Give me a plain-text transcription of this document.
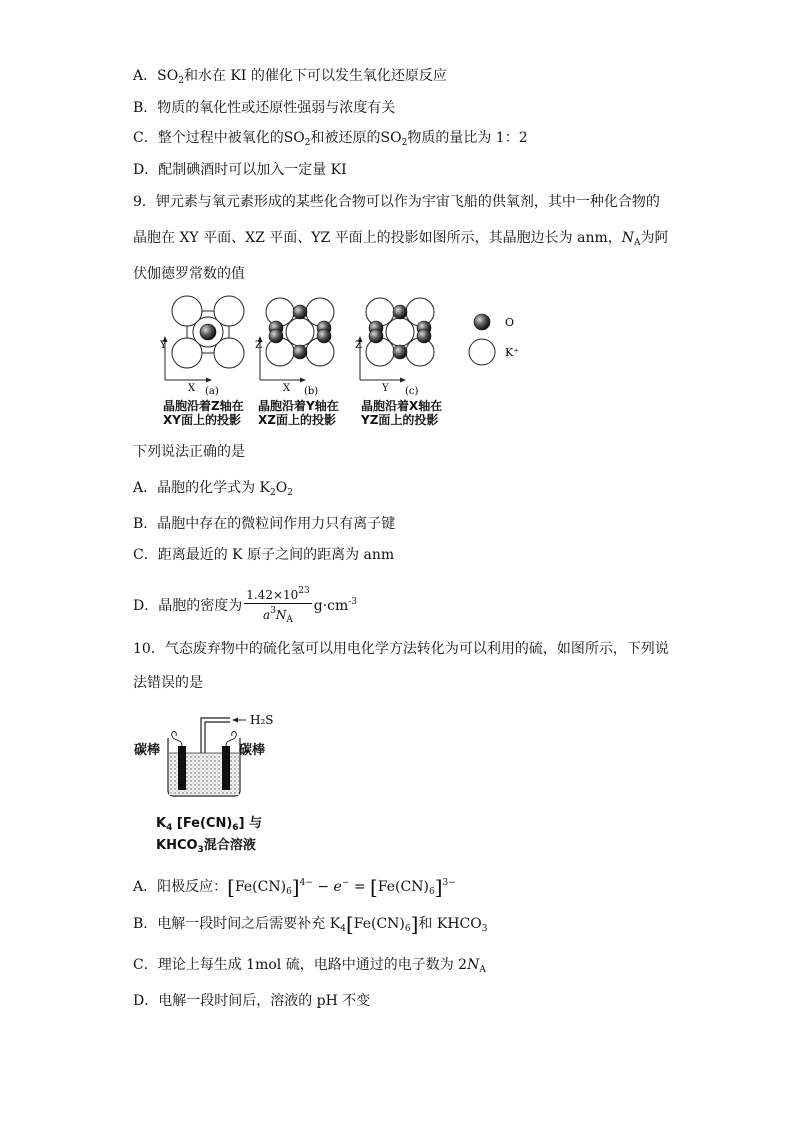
A．$SO_2$和水在 KI 的催化下可以发生氧化还原反应
B．物质的氧化性或还原性强弱与浓度有关
C．整个过程中被氧化的$SO_2$和被还原的$SO_2$物质的量比为 1：2
D．配制碘酒时可以加入一定量 KI
9．钾元素与氧元素形成的某些化合物可以作为宇宙飞船的供氧剂，其中一种化合物的
晶胞在 XY 平面、XZ 平面、YZ 平面上的投影如图所示，其晶胞边长为 anm，$N_A$为阿
伏伽德罗常数的值
Y
X (a)
Z
X (b)
Z
Y (c)
O
K⁺
晶胞沿着Z轴在
XY面上的投影
晶胞沿着Y轴在
XZ面上的投影
晶胞沿着X轴在
YZ面上的投影
下列说法正确的是
A．晶胞的化学式为 $K_2O_2$
B．晶胞中存在的微粒间作用力只有离子键
C．距离最近的 K 原子之间的距离为 anm
D．晶胞的密度为 $\frac{1.42\times 10^{23}}{a^3N_A} g\cdot cm^{-3}$
10．气态废弃物中的硫化氢可以用电化学方法转化为可以利用的硫，如图所示，下列说
法错误的是
H₂S
碳棒	碳棒
$K_4$ $[Fe(CN)_6]$ 与
$KHCO_3$混合溶液
A．阳极反应：$[Fe(CN)_6]^{4-} - e^- = [Fe(CN)_6]^{3-}$
B．电解一段时间之后需要补充 $K_4[Fe(CN)_6]$和 $KHCO_3$
C．理论上每生成 1mol 硫，电路中通过的电子数为 $2N_A$
D．电解一段时间后，溶液的 pH 不变
